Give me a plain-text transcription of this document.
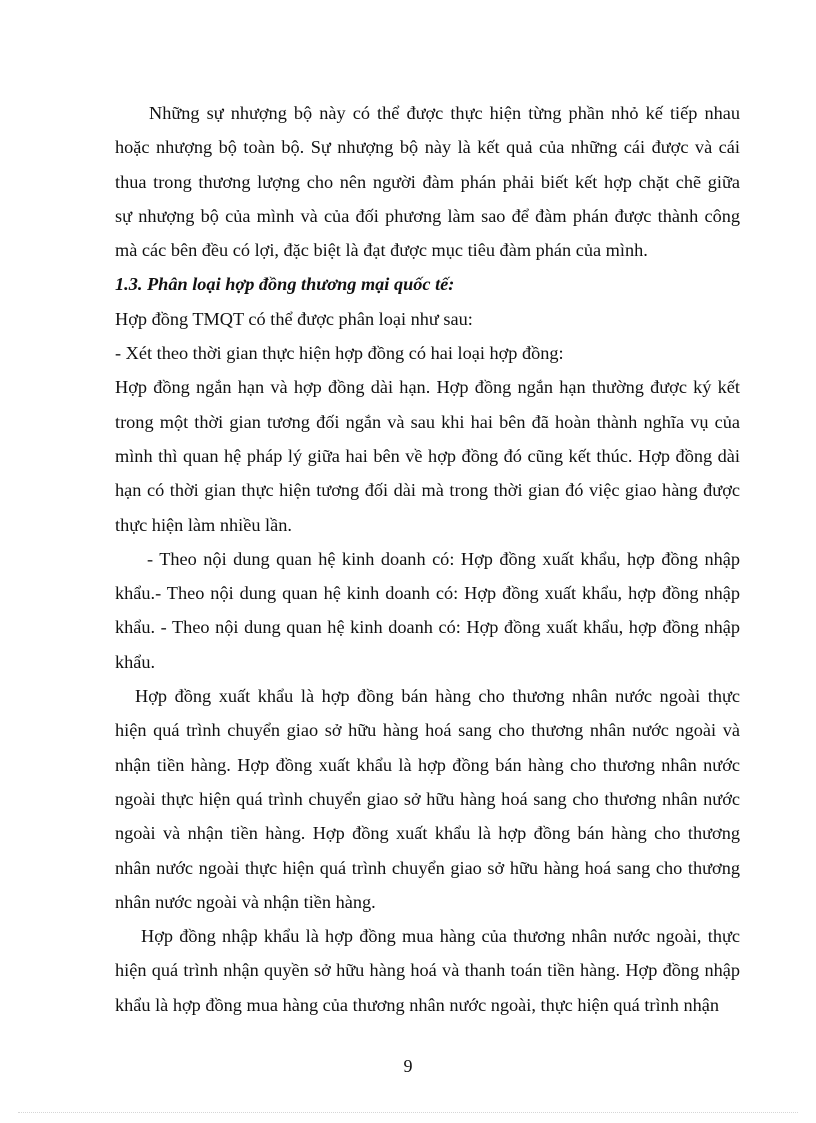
Những sự nhượng bộ này có thể được thực hiện từng phần nhỏ kế tiếp nhau
hoặc nhượng bộ toàn bộ. Sự nhượng bộ này là kết quả của những cái được và cái
thua trong thương lượng cho nên người đàm phán phải biết kết hợp chặt chẽ giữa
sự nhượng bộ của mình và của đối phương làm sao để đàm phán được thành công
mà các bên đều có lợi, đặc biệt là đạt được mục tiêu đàm phán của mình.
1.3. Phân loại hợp đồng thương mại quốc tế:
Hợp đồng TMQT có thể được phân loại như sau:
- Xét theo thời gian thực hiện hợp đồng có hai loại hợp đồng:
Hợp đồng ngắn hạn và hợp đồng dài hạn. Hợp đồng ngắn hạn thường được ký kết
trong một thời gian tương đối ngắn và sau khi hai bên đã hoàn thành nghĩa vụ của
mình thì quan hệ pháp lý giữa hai bên về hợp đồng đó cũng kết thúc. Hợp đồng dài
hạn có thời gian thực hiện tương đối dài mà trong thời gian đó việc giao hàng được
thực hiện làm nhiều lần.
- Theo nội dung quan hệ kinh doanh có: Hợp đồng xuất khẩu, hợp đồng nhập
khẩu.- Theo nội dung quan hệ kinh doanh có: Hợp đồng xuất khẩu, hợp đồng nhập
khẩu. - Theo nội dung quan hệ kinh doanh có: Hợp đồng xuất khẩu, hợp đồng nhập
khẩu.
Hợp đồng xuất khẩu là hợp đồng bán hàng cho thương nhân nước ngoài thực
hiện quá trình chuyển giao sở hữu hàng hoá sang cho thương nhân nước ngoài và
nhận tiền hàng. Hợp đồng xuất khẩu là hợp đồng bán hàng cho thương nhân nước
ngoài thực hiện quá trình chuyển giao sở hữu hàng hoá sang cho thương nhân nước
ngoài và nhận tiền hàng. Hợp đồng xuất khẩu là hợp đồng bán hàng cho thương
nhân nước ngoài thực hiện quá trình chuyển giao sở hữu hàng hoá sang cho thương
nhân nước ngoài và nhận tiền hàng.
Hợp đồng nhập khẩu là hợp đồng mua hàng của thương nhân nước ngoài, thực
hiện quá trình nhận quyền sở hữu hàng hoá và thanh toán tiền hàng. Hợp đồng nhập
khẩu là hợp đồng mua hàng của thương nhân nước ngoài, thực hiện quá trình nhận
9
